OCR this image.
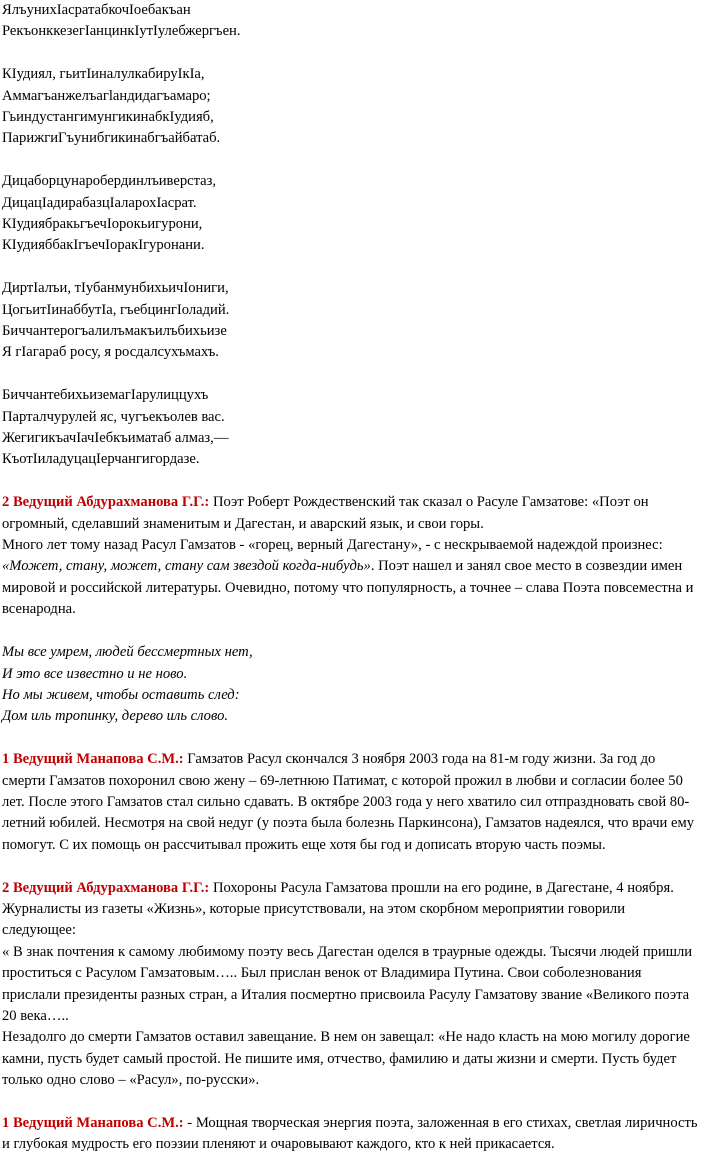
ЯлъунихIасратабкочIоебакъан
РекъонккезегIанцинкIутIулебжергъен.
КIудиял, гьитIиналулкабируIкIа,
Аммагъанжелъагlандидагъамаро;
ГьиндустангимунгикинабкIудияб,
ПарижгиГъунибгикинабгъайбатаб.
Дицаборцунаробердинлъиверстаз,
ДицацIадирабазцIалаpохIасрат.
КIудиябракьгъечIорокьигурони,
КIудияббакIгъечIоракIгуронани.
ДиртIалъи, тIубанмунбихьичIониги,
ЦогьитIинаббутIа, гъебцингIоладий.
Биччантерогъалилъмакъилъбихьизе
Я гIагараб росу, я росдалсухъмахъ.
БиччантебихьиземагIарулиццухъ
Парталчурулей яс, чугъекъолев вас.
ЖегигикъачIачIебкъиматаб алмаз,—
КъотIиладуцацIерчангигордазе.

2 Ведущий Абдурахманова Г.Г.: Поэт Роберт Рождественский так сказал о Расуле Гамзатове: «Поэт он огромный, сделавший знаменитым и Дагестан, и аварский язык, и свои горы.

Много лет тому назад Расул Гамзатов - «горец, верный Дагестану», - с нескрываемой надеждой произнес: «Может, стану, может, стану сам звездой когда-нибудь». Поэт нашел и занял свое место в созвездии имен мировой и российской литературы. Очевидно, потому что популярность, а точнее – слава Поэта повсеместна и всенародна.

Мы все умрем, людей бессмертных нет,
И это все известно и не ново.
Но мы живем, чтобы оставить след:
Дом иль тропинку, дерево иль слово.

1 Ведущий Манапова С.М.: Гамзатов Расул скончался 3 ноября 2003 года на 81-м году жизни. За год до смерти Гамзатов похоронил свою жену – 69-летнюю Патимат, с которой прожил в любви и согласии более 50 лет. После этого Гамзатов стал сильно сдавать. В октябре 2003 года у него хватило сил отпраздновать свой 80-летний юбилей. Несмотря на свой недуг (у поэта была болезнь Паркинсона), Гамзатов надеялся, что врачи ему помогут. С их помощь он рассчитывал прожить еще хотя бы год и дописать вторую часть поэмы.

2 Ведущий Абдурахманова Г.Г.: Похороны Расула Гамзатова прошли на его родине, в Дагестане, 4 ноября. Журналисты из газеты «Жизнь», которые присутствовали, на этом скорбном мероприятии говорили следующее:

« В знак почтения к самому любимому поэту весь Дагестан оделся в траурные одежды. Тысячи людей пришли проститься с Расулом Гамзатовым….. Был прислан венок от Владимира Путина. Свои соболезнования прислали президенты разных стран, а Италия посмертно присвоила Расулу Гамзатову звание «Великого поэта 20 века…..

Незадолго до смерти Гамзатов оставил завещание. В нем он завещал: «Не надо класть на мою могилу дорогие камни, пусть будет самый простой. Не пишите имя, отчество, фамилию и даты жизни и смерти. Пусть будет только одно слово – «Расул», по-русски».

1 Ведущий Манапова С.М.: - Мощная творческая энергия поэта, заложенная в его стихах, светлая лиричность и глубокая мудрость его поэзии пленяют и очаровывают каждого, кто к ней прикасается.
